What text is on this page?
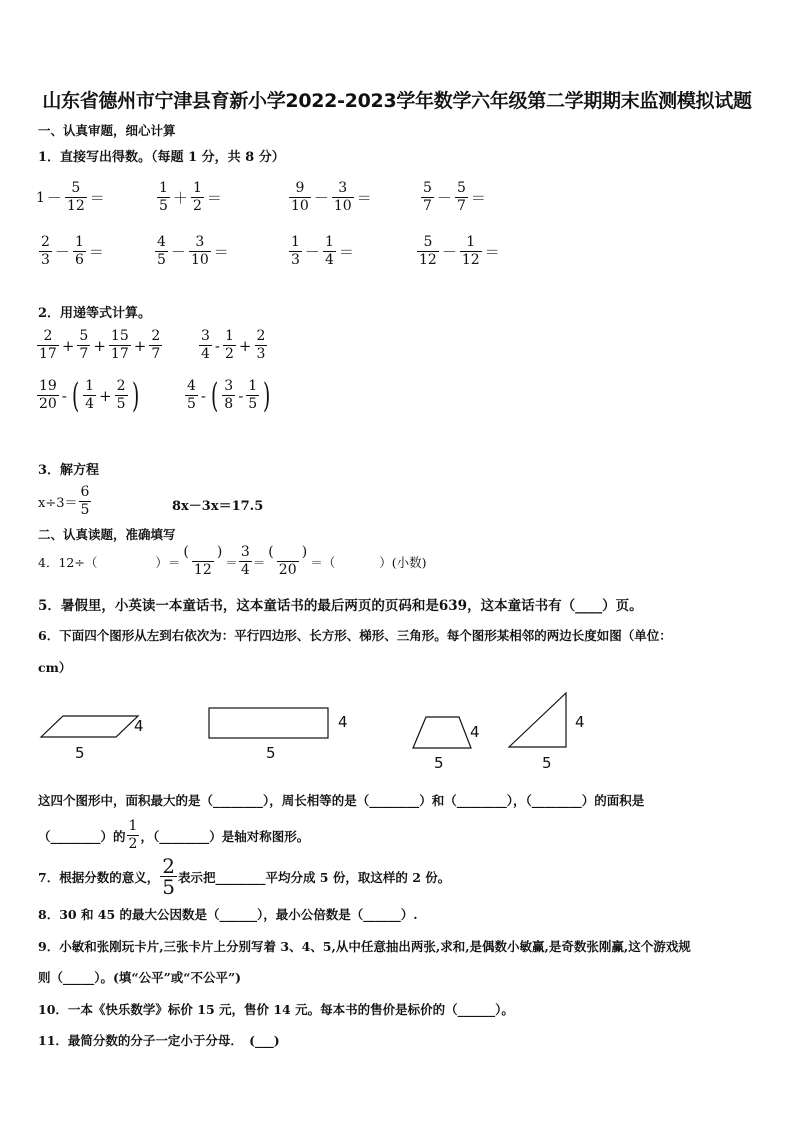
山东省德州市宁津县育新小学2022-2023学年数学六年级第二学期期末监测模拟试题
一、认真审题，细心计算
1．直接写出得数。（每题 1 分，共 8 分）
$1 - \frac{5}{12}$ ＝	$\frac{1}{5} + \frac{1}{2}$ ＝	$\frac{9}{10} - \frac{3}{10}$ ＝	$\frac{5}{7} - \frac{5}{7}$ ＝
$\frac{2}{3} - \frac{1}{6}$ ＝	$\frac{4}{5} - \frac{3}{10}$ ＝	$\frac{1}{3} - \frac{1}{4}$ ＝	$\frac{5}{12} - \frac{1}{12}$ ＝
2．用递等式计算。
$\frac{2}{17} + \frac{5}{7} + \frac{15}{17} + \frac{2}{7}$	$\frac{3}{4} - \frac{1}{2} + \frac{2}{3}$
$\frac{19}{20}$ - ( $\frac{1}{4} + \frac{2}{5}$ )	$\frac{4}{5}$ - ( $\frac{3}{8} - \frac{1}{5}$ )
3．解方程
$x\div 3= \frac{6}{5}$	8x－3x＝17.5
二、认真读题，准确填写
4．12÷（	）＝ $\frac{( )}{12} = \frac{3}{4} = \frac{( )}{20}$ ＝（	）(小数)
5．暑假里，小英读一本童话书，这本童话书的最后两页的页码和是639，这本童话书有（____）页。
6．下面四个图形从左到右依次为：平行四边形、长方形、梯形、三角形。每个图形某相邻的两边长度如图（单位：
cm）
4
5
4
5
4
5
4
5
这四个图形中，面积最大的是（________），周长相等的是（________）和（________），（________）的面积是
（________）的 $\frac{1}{2}$ ，（________）是轴对称图形。
7．根据分数的意义， $\frac{2}{5}$ 表示把________平均分成 5 份，取这样的 2 份。
8．30 和 45 的最大公因数是（______），最小公倍数是（______）.
9．小敏和张刚玩卡片,三张卡片上分别写着 3、4、5,从中任意抽出两张,求和,是偶数小敏赢,是奇数张刚赢,这个游戏规
则（_____）。(填“公平”或“不公平”)
10．一本《快乐数学》标价 15 元，售价 14 元。每本书的售价是标价的（______）。
11．最简分数的分子一定小于分母．　(___)
